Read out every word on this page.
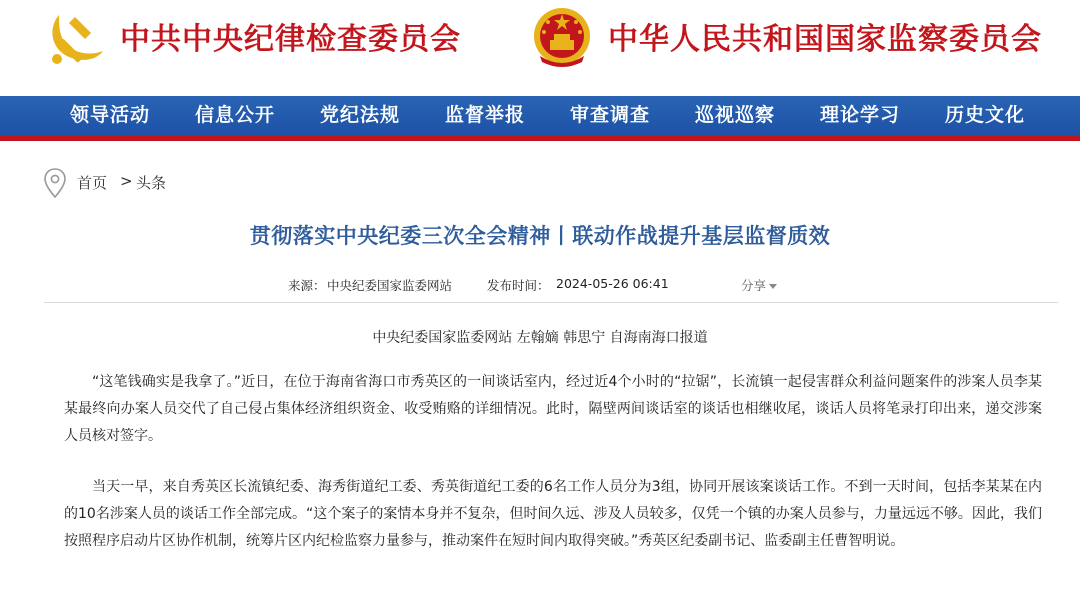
中共中央纪律检查委员会	中华人民共和国国家监察委员会
领导活动 信息公开 党纪法规 监督举报 审查调查 巡视巡察 理论学习 历史文化
首页 > 头条
贯彻落实中央纪委三次全会精神丨联动作战提升基层监督质效
来源： 中央纪委国家监委网站	发布时间： 2024-05-26 06:41	分享
中央纪委国家监委网站 左翰嫡 韩思宁 自海南海口报道

“这笔钱确实是我拿了。”近日，在位于海南省海口市秀英区的一间谈话室内，经过近4个小时的“拉锯”，长流镇一起侵害群众利益问题案件的涉案人员李某某最终向办案人员交代了自己侵占集体经济组织资金、收受贿赂的详细情况。此时，隔壁两间谈话室的谈话也相继收尾，谈话人员将笔录打印出来，递交涉案人员核对签字。

当天一早，来自秀英区长流镇纪委、海秀街道纪工委、秀英街道纪工委的6名工作人员分为3组，协同开展该案谈话工作。不到一天时间，包括李某某在内的10名涉案人员的谈话工作全部完成。“这个案子的案情本身并不复杂，但时间久远、涉及人员较多，仅凭一个镇的办案人员参与，力量远远不够。因此，我们按照程序启动片区协作机制，统筹片区内纪检监察力量参与，推动案件在短时间内取得突破。”秀英区纪委副书记、监委副主任曹智明说。
